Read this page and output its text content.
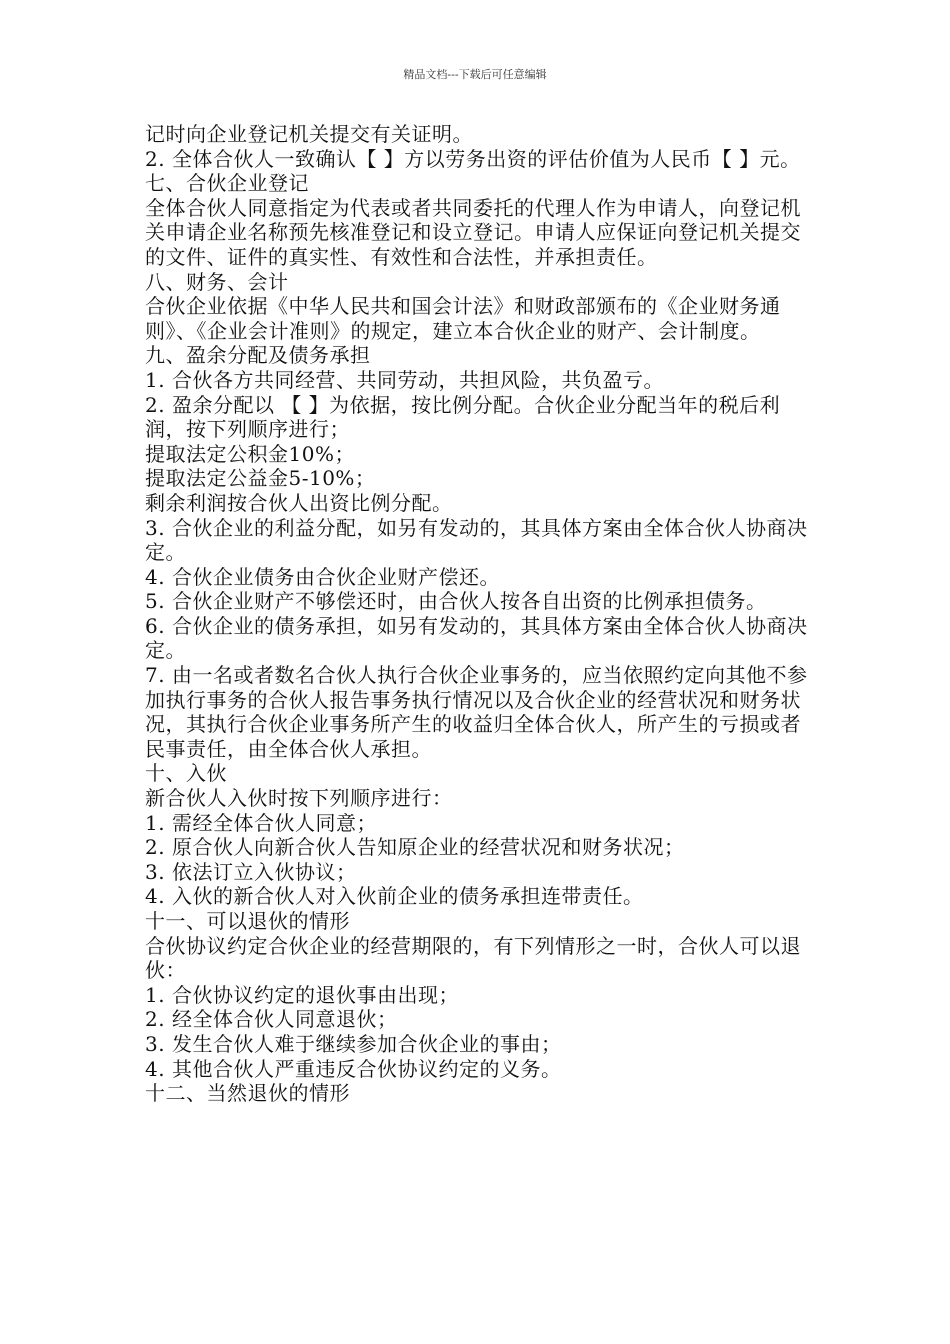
精品文档---下载后可任意编辑

记时向企业登记机关提交有关证明。

2. 全体合伙人一致确认【 】方以劳务出资的评估价值为人民币【 】元。

七、合伙企业登记

全体合伙人同意指定为代表或者共同委托的代理人作为申请人，向登记机关申请企业名称预先核准登记和设立登记。申请人应保证向登记机关提交的文件、证件的真实性、有效性和合法性，并承担责任。

八、财务、会计

合伙企业依据《中华人民共和国会计法》和财政部颁布的《企业财务通则》、《企业会计准则》的规定，建立本合伙企业的财产、会计制度。

九、盈余分配及债务承担

1. 合伙各方共同经营、共同劳动，共担风险，共负盈亏。

2. 盈余分配以 【 】为依据，按比例分配。合伙企业分配当年的税后利润，按下列顺序进行；

提取法定公积金10%；

提取法定公益金5-10%；

剩余利润按合伙人出资比例分配。

3. 合伙企业的利益分配，如另有发动的，其具体方案由全体合伙人协商决定。

4. 合伙企业债务由合伙企业财产偿还。

5. 合伙企业财产不够偿还时，由合伙人按各自出资的比例承担债务。

6. 合伙企业的债务承担，如另有发动的，其具体方案由全体合伙人协商决定。

7. 由一名或者数名合伙人执行合伙企业事务的，应当依照约定向其他不参加执行事务的合伙人报告事务执行情况以及合伙企业的经营状况和财务状况，其执行合伙企业事务所产生的收益归全体合伙人，所产生的亏损或者民事责任，由全体合伙人承担。

十、入伙

新合伙人入伙时按下列顺序进行：

1. 需经全体合伙人同意；

2. 原合伙人向新合伙人告知原企业的经营状况和财务状况；

3. 依法订立入伙协议；

4. 入伙的新合伙人对入伙前企业的债务承担连带责任。

十一、可以退伙的情形

合伙协议约定合伙企业的经营期限的，有下列情形之一时，合伙人可以退伙：

1. 合伙协议约定的退伙事由出现；

2. 经全体合伙人同意退伙；

3. 发生合伙人难于继续参加合伙企业的事由；

4. 其他合伙人严重违反合伙协议约定的义务。

十二、当然退伙的情形
